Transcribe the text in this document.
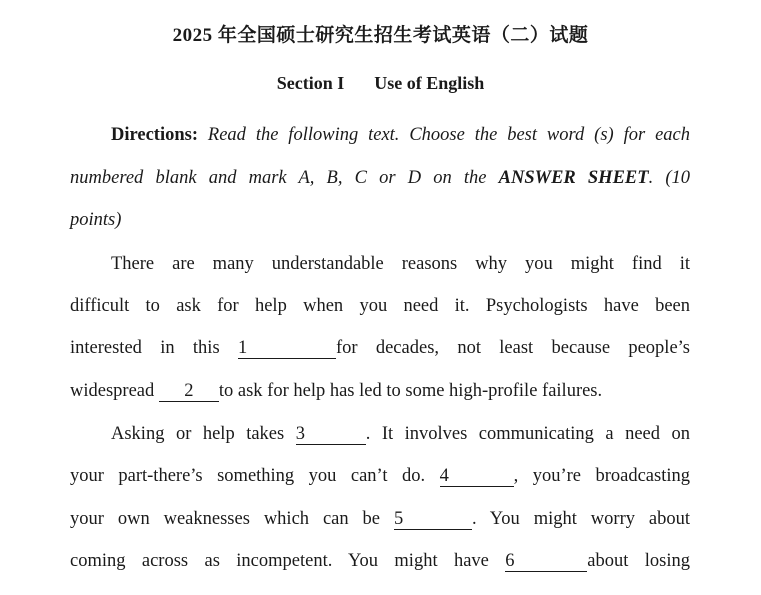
2025 年全国硕士研究生招生考试英语（二）试题
Section I Use of English
Directions: Read the following text. Choose the best word (s) for each
numbered blank and mark A, B, C or D on the ANSWER SHEET. (10
points)
There are many understandable reasons why you might find it
difficult to ask for help when you need it. Psychologists have been
interested in this 1	for decades, not least because people’s
widespread 2 to ask for help has led to some high-profile failures.
Asking or help takes 3	. It involves communicating a need on
your part-there’s something you can’t do. 4	, you’re broadcasting
your own weaknesses which can be 5	. You might worry about
coming across as incompetent. You might have 6	about losing
